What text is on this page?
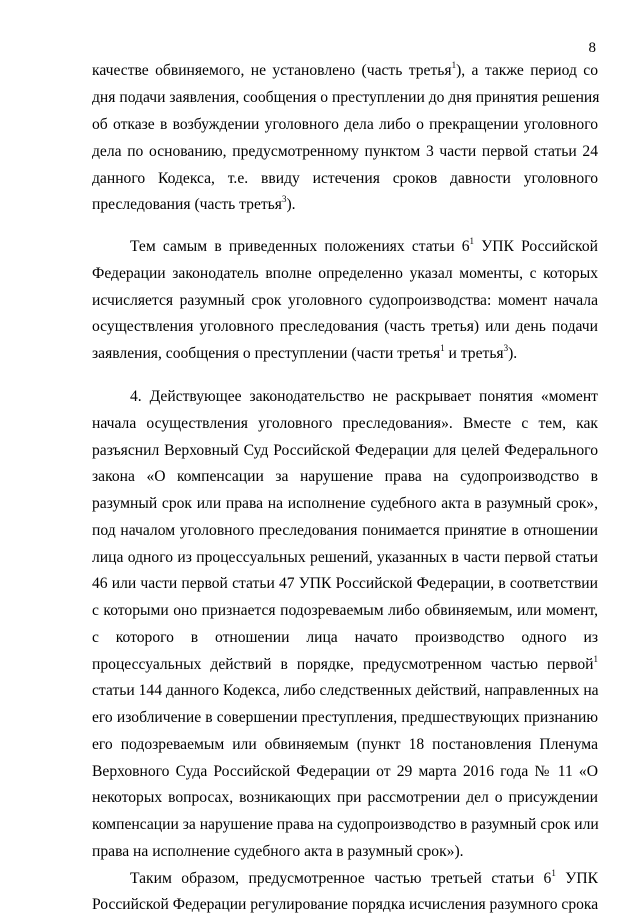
8
качестве обвиняемого, не установлено (часть третья$^1$), а также период со
дня подачи заявления, сообщения о преступлении до дня принятия решения
об отказе в возбуждении уголовного дела либо о прекращении уголовного
дела по основанию, предусмотренному пунктом 3 части первой статьи 24
данного Кодекса, т.е. ввиду истечения сроков давности уголовного
преследования (часть третья$^3$).
Тем самым в приведенных положениях статьи $6^1$ УПК Российской
Федерации законодатель вполне определенно указал моменты, с которых
исчисляется разумный срок уголовного судопроизводства: момент начала
осуществления уголовного преследования (часть третья) или день подачи
заявления, сообщения о преступлении (части третья$^1$ и третья$^3$).
4. Действующее законодательство не раскрывает понятия «момент
начала осуществления уголовного преследования». Вместе с тем, как
разъяснил Верховный Суд Российской Федерации для целей Федерального
закона «О компенсации за нарушение права на судопроизводство в
разумный срок или права на исполнение судебного акта в разумный срок»,
под началом уголовного преследования понимается принятие в отношении
лица одного из процессуальных решений, указанных в части первой статьи
46 или части первой статьи 47 УПК Российской Федерации, в соответствии
с которыми оно признается подозреваемым либо обвиняемым, или момент,
с которого в отношении лица начато производство одного из
процессуальных действий в порядке, предусмотренном частью первой$^1$
статьи 144 данного Кодекса, либо следственных действий, направленных на
его изобличение в совершении преступления, предшествующих признанию
его подозреваемым или обвиняемым (пункт 18 постановления Пленума
Верховного Суда Российской Федерации от 29 марта 2016 года № 11 «О
некоторых вопросах, возникающих при рассмотрении дел о присуждении
компенсации за нарушение права на судопроизводство в разумный срок или
права на исполнение судебного акта в разумный срок»).
Таким образом, предусмотренное частью третьей статьи $6^1$ УПК
Российской Федерации регулирование порядка исчисления разумного срока
